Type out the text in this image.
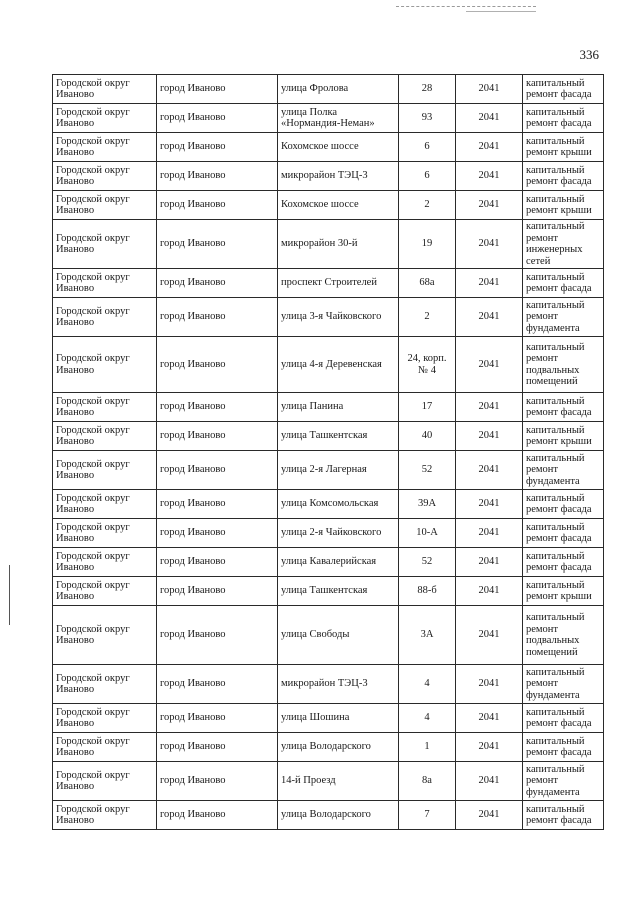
336
Городской округ Иваново	город Иваново	улица Фролова	28	2041	капитальный ремонт фасада
Городской округ Иваново	город Иваново	улица Полка «Нормандия-Неман»	93	2041	капитальный ремонт фасада
Городской округ Иваново	город Иваново	Кохомское шоссе	6	2041	капитальный ремонт крыши
Городской округ Иваново	город Иваново	микрорайон ТЭЦ-3	6	2041	капитальный ремонт фасада
Городской округ Иваново	город Иваново	Кохомское шоссе	2	2041	капитальный ремонт крыши
Городской округ Иваново	город Иваново	микрорайон 30-й	19	2041	капитальный ремонт инженерных сетей
Городской округ Иваново	город Иваново	проспект Строителей	68а	2041	капитальный ремонт фасада
Городской округ Иваново	город Иваново	улица 3-я Чайковского	2	2041	капитальный ремонт фундамента
Городской округ Иваново	город Иваново	улица 4-я Деревенская	24, корп. № 4	2041	капитальный ремонт подвальных помещений
Городской округ Иваново	город Иваново	улица Панина	17	2041	капитальный ремонт фасада
Городской округ Иваново	город Иваново	улица Ташкентская	40	2041	капитальный ремонт крыши
Городской округ Иваново	город Иваново	улица 2-я Лагерная	52	2041	капитальный ремонт фундамента
Городской округ Иваново	город Иваново	улица Комсомольская	39А	2041	капитальный ремонт фасада
Городской округ Иваново	город Иваново	улица 2-я Чайковского	10-А	2041	капитальный ремонт фасада
Городской округ Иваново	город Иваново	улица Кавалерийская	52	2041	капитальный ремонт фасада
Городской округ Иваново	город Иваново	улица Ташкентская	88-б	2041	капитальный ремонт крыши
Городской округ Иваново	город Иваново	улица Свободы	3А	2041	капитальный ремонт подвальных помещений
Городской округ Иваново	город Иваново	микрорайон ТЭЦ-3	4	2041	капитальный ремонт фундамента
Городской округ Иваново	город Иваново	улица Шошина	4	2041	капитальный ремонт фасада
Городской округ Иваново	город Иваново	улица Володарского	1	2041	капитальный ремонт фасада
Городской округ Иваново	город Иваново	14-й Проезд	8а	2041	капитальный ремонт фундамента
Городской округ Иваново	город Иваново	улица Володарского	7	2041	капитальный ремонт фасада
